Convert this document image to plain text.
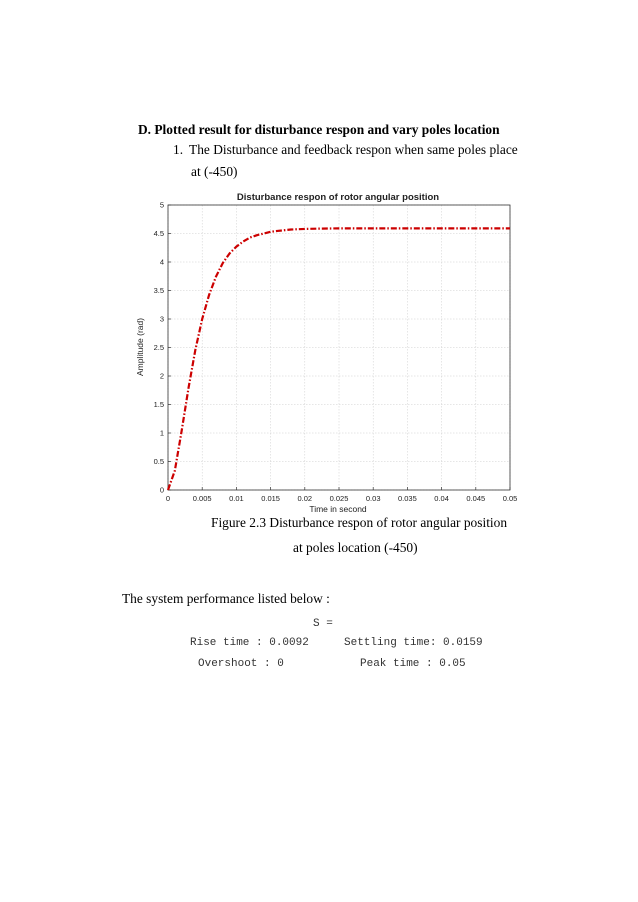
D. Plotted result for disturbance respon and vary poles location
1. The Disturbance and feedback respon when same poles place
at (-450)
0	0.005 0.01 0.015 0.02 0.025 0.03 0.035 0.04 0.045 0.05
0
0.5
1
1.5
2
2.5
3
3.5
4
4.5
5
Disturbance respon of rotor angular position
Time in second
Amplitude (rad)
Figure 2.3 Disturbance respon of rotor angular position
at poles location (-450)
The system performance listed below :
S =
Rise time : 0.0092	Settling time: 0.0159
Overshoot : 0	Peak time : 0.05
